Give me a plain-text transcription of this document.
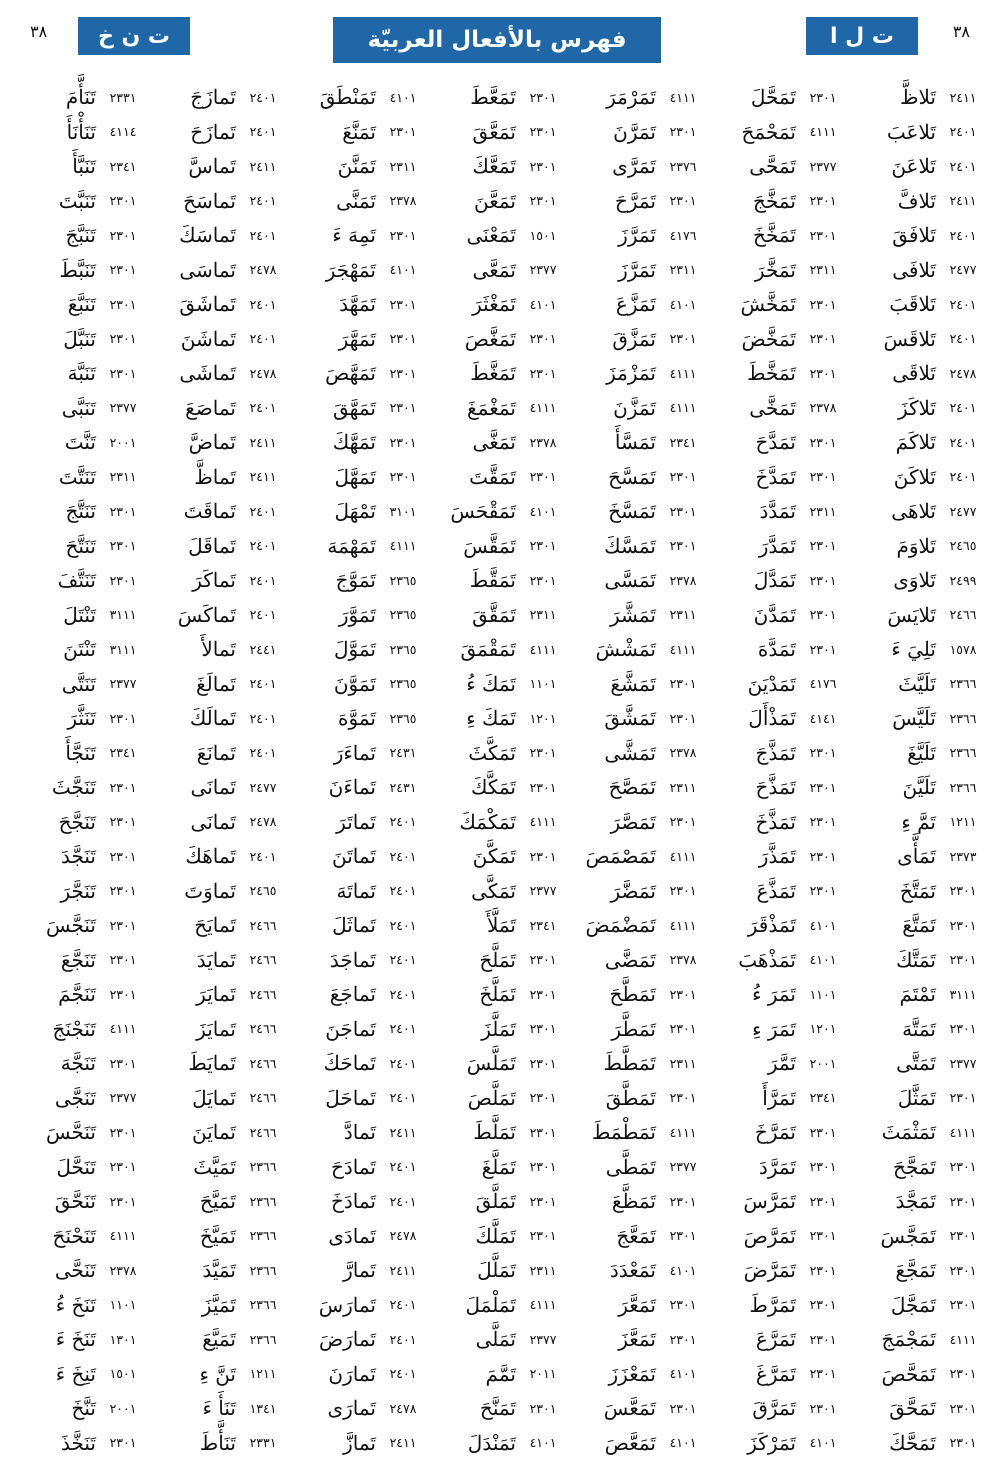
٣٨
ت ل ا
فهرس بالأفعال العربيّة
ت ن خ
٣٨
٢٤١١
تَلاظَّ
٢٣٠١
تَمَحَّلَ
٤١١١
تَمَرْمَرَ
٢٣٠١
تَمَعَّطَ
٤١٠١
تَمَنْطَقَ
٢٤٠١
تَمازَجَ
٢٣٣١
تَنَأَّمَ
٢٤٠١
تَلاعَبَ
٤١١١
تَمَحْمَحَ
٢٣٠١
تَمَرَّنَ
٢٣٠١
تَمَعَّقَ
٢٣٠١
تَمَنَّعَ
٢٤٠١
تَمازَحَ
٤١١٤
تَنَأْنَأَ
٢٤٠١
تَلاعَنَ
٢٣٧٧
تَمَحَّى
٢٣٧٦
تَمَرَّى
٢٣٠١
تَمَعَّكَ
٢٣١١
تَمَنَّنَ
٢٤١١
تَماسَّ
٢٣٤١
تَنَبَّأَ
٢٤١١
تَلافَّ
٢٣٠١
تَمَخَّجَ
٢٣٠١
تَمَرَّحَ
٢٣٠١
تَمَعَّنَ
٢٣٧٨
تَمَنَّى
٢٤٠١
تَماسَحَ
٢٣٠١
تَنَبَّتَ
٢٤٠١
تَلافَقَ
٢٣٠١
تَمَخَّخَ
٤١٧٦
تَمَرَّزَ
١٥٠١
تَمَعْنَى
٢٣٠١
تَمِهَ ءَ
٢٤٠١
تَماسَكَ
٢٣٠١
تَنَبَّجَ
٢٤٧٧
تَلافَى
٢٣١١
تَمَخَّرَ
٢٣١١
تَمَرَّزَ
٢٣٧٧
تَمَعَّى
٤١٠١
تَمَهْجَرَ
٢٤٧٨
تَماسَى
٢٣٠١
تَنَبَّطَ
٢٤٠١
تَلاقَبَ
٢٣٠١
تَمَخَّشَ
٤١٠١
تَمَزَّعَ
٤١٠١
تَمَغْثَرَ
٢٣٠١
تَمَهَّدَ
٢٤٠١
تَماشَقَ
٢٣٠١
تَنَبَّعَ
٢٤٠١
تَلاقَسَ
٢٣٠١
تَمَخَّضَ
٢٣٠١
تَمَزَّقَ
٢٣٠١
تَمَغَّصَ
٢٣٠١
تَمَهَّرَ
٢٤٠١
تَماشَنَ
٢٣٠١
تَنَبَّلَ
٢٤٧٨
تَلاقَى
٢٣٠١
تَمَخَّطَ
٤١١١
تَمَزْمَزَ
٢٣٠١
تَمَغَّطَ
٢٣٠١
تَمَهَّصَ
٢٤٧٨
تَماشَى
٢٣٠١
تَنَبَّهَ
٢٤٠١
تَلاكَزَ
٢٣٧٨
تَمَخَّى
٤١١١
تَمَزَّنَ
٤١١١
تَمَغْمَغَ
٢٣٠١
تَمَهَّقَ
٢٤٠١
تَماصَعَ
٢٣٧٧
تَنَبَّى
٢٤٠١
تَلاكَمَ
٢٣٠١
تَمَدَّحَ
٢٣٤١
تَمَسَّأَ
٢٣٧٨
تَمَغَّى
٢٣٠١
تَمَهَّكَ
٢٤١١
تَماضَّ
٢٠٠١
تَنَّتَ
٢٤٠١
تَلاكَنَ
٢٣٠١
تَمَدَّخَ
٢٣٠١
تَمَسَّحَ
٢٣٠١
تَمَقَّتَ
٢٣٠١
تَمَهَّلَ
٢٤١١
تَماظَّ
٢٣١١
تَنَتَّتَ
٢٤٧٧
تَلاهَى
٢٣١١
تَمَدَّدَ
٢٣٠١
تَمَسَّخَ
٤١٠١
تَمَقْحَسَ
٣١٠١
تَمْهَلَ
٢٤٠١
تَماقَتَ
٢٣٠١
تَنَتَّجَ
٢٤٦٥
تَلاوَمَ
٢٣٠١
تَمَدَّرَ
٢٣٠١
تَمَسَّكَ
٢٣٠١
تَمَقَّسَ
٤١١١
تَمَهْمَهَ
٢٤٠١
تَماقَلَ
٢٣٠١
تَنَتَّحَ
٢٤٩٩
تَلاوَى
٢٣٠١
تَمَدَّلَ
٢٣٧٨
تَمَسَّى
٢٣٠١
تَمَقَّطَ
٢٣٦٥
تَمَوَّجَ
٢٤٠١
تَماكَرَ
٢٣٠١
تَنَتَّفَ
٢٤٦٦
تَلايَسَ
٢٣٠١
تَمَدَّنَ
٢٣١١
تَمَشَّرَ
٢٣١١
تَمَقَّقَ
٢٣٦٥
تَمَوَّرَ
٢٤٠١
تَماكَسَ
٣١١١
تَنْتَلَ
١٥٧٨
تَلِيَ ءَ
٢٣٠١
تَمَدَّهَ
٤١١١
تَمَشْشَ
٤١١١
تَمَقْمَقَ
٢٣٦٥
تَمَوَّلَ
٢٤٤١
تَمالأَ
٣١١١
تَنْتَنَ
٢٣٦٦
تَلَيَّثَ
٤١٧٦
تَمَدْيَنَ
٢٣٠١
تَمَشَّعَ
١١٠١
تَمَكَ ءُ
٢٣٦٥
تَمَوَّنَ
٢٤٠١
تَمالَغَ
٢٣٧٧
تَنَتَّى
٢٣٦٦
تَلَيَّسَ
٤١٤١
تَمَذْأَلَ
٢٣٠١
تَمَشَّقَ
١٢٠١
تَمَكَ ءِ
٢٣٦٥
تَمَوَّهَ
٢٤٠١
تَمالَكَ
٢٣٠١
تَنَثَّرَ
٢٣٦٦
تَلَيَّغَ
٢٣٠١
تَمَذَّجَ
٢٣٧٨
تَمَشَّى
٢٣٠١
تَمَكَّثَ
٢٤٣١
تَماءَرَ
٢٤٠١
تَمانَعَ
٢٣٤١
تَنَجَّأَ
٢٣٦٦
تَلَيَّنَ
٢٣٠١
تَمَذَّحَ
٢٣١١
تَمَصَّحَ
٢٣٠١
تَمَكَّكَ
٢٤٣١
تَماءَنَ
٢٤٧٧
تَمانَى
٢٣٠١
تَنَجَّثَ
١٢١١
تَمَّ ءِ
٢٣٠١
تَمَذَّخَ
٢٣٠١
تَمَصَّرَ
٤١١١
تَمَكْمَكَ
٢٤٠١
تَماتَرَ
٢٤٧٨
تَمانَى
٢٣٠١
تَنَجَّحَ
٢٣٧٣
تَمَأَّى
٢٣٠١
تَمَذَّرَ
٤١١١
تَمَصْمَصَ
٢٣٠١
تَمَكَّنَ
٢٤٠١
تَماتَنَ
٢٤٠١
تَماهَكَ
٢٣٠١
تَنَجَّدَ
٢٣٠١
تَمَتَّخَ
٢٣٠١
تَمَذَّعَ
٢٣٠١
تَمَضَّرَ
٢٣٧٧
تَمَكَّى
٢٤٠١
تَماتَهَ
٢٤٦٥
تَماوَتَ
٢٣٠١
تَنَجَّرَ
٢٣٠١
تَمَتَّعَ
٤١٠١
تَمَذْقَرَ
٤١١١
تَمَضْمَضَ
٢٣٤١
تَمَلَّأَ
٢٤٠١
تَماثَلَ
٢٤٦٦
تَمايَحَ
٢٣٠١
تَنَجَّسَ
٢٣٠١
تَمَتَّكَ
٤١٠١
تَمَذْهَبَ
٢٣٧٨
تَمَضَّى
٢٣٠١
تَمَلَّحَ
٢٤٠١
تَماجَدَ
٢٤٦٦
تَمايَدَ
٢٣٠١
تَنَجَّعَ
٣١١١
تَمْتَمَ
١١٠١
تَمَرَ ءُ
٢٣٠١
تَمَطَّحَ
٢٣٠١
تَمَلَّخَ
٢٤٠١
تَماجَعَ
٢٤٦٦
تَمايَرَ
٢٣٠١
تَنَجَّمَ
٢٣٠١
تَمَتَّهَ
١٢٠١
تَمَرَ ءِ
٢٣٠١
تَمَطَّرَ
٢٣٠١
تَمَلَّزَ
٢٤٠١
تَماجَنَ
٢٤٦٦
تَمايَزَ
٤١١١
تَنَجْنَجَ
٢٣٧٧
تَمَتَّى
٢٠٠١
تَمَّرَ
٢٣١١
تَمَطَّطَ
٢٣٠١
تَمَلَّسَ
٢٤٠١
تَماحَكَ
٢٤٦٦
تَمايَطَ
٢٣٠١
تَنَجَّهَ
٢٣٠١
تَمَثَّلَ
٢٣٤١
تَمَرَّأَ
٢٣٠١
تَمَطَّقَ
٢٣٠١
تَمَلَّصَ
٢٤٠١
تَماحَلَ
٢٤٦٦
تَمايَلَ
٢٣٧٧
تَنَجَّى
٤١١١
تَمَثْمَثَ
٢٣٠١
تَمَرَّخَ
٤١١١
تَمَطْمَطَ
٢٣٠١
تَمَلَّطَ
٢٤١١
تَمادَّ
٢٤٦٦
تَمايَنَ
٢٣٠١
تَنَحَّسَ
٢٣٠١
تَمَجَّحَ
٢٣٠١
تَمَرَّدَ
٢٣٧٧
تَمَطَّى
٢٣٠١
تَمَلَّغَ
٢٤٠١
تَمادَحَ
٢٣٦٦
تَمَيَّثَ
٢٣٠١
تَنَحَّلَ
٢٣٠١
تَمَجَّدَ
٢٣٠١
تَمَرَّسَ
٢٣٠١
تَمَظَّعَ
٢٣٠١
تَمَلَّقَ
٢٤٠١
تَمادَخَ
٢٣٦٦
تَمَيَّحَ
٢٣٠١
تَنَحَّقَ
٢٣٠١
تَمَجَّسَ
٢٣٠١
تَمَرَّصَ
٢٣٠١
تَمَعَّجَ
٢٣٠١
تَمَلَّكَ
٢٤٧٨
تَمادَى
٢٣٦٦
تَمَيَّخَ
٤١١١
تَنَحْنَحَ
٢٣٠١
تَمَجَّعَ
٢٣٠١
تَمَرَّضَ
٤١٠١
تَمَعْدَدَ
٢٣١١
تَمَلَّلَ
٢٤١١
تَمارَّ
٢٣٦٦
تَمَيَّدَ
٢٣٧٨
تَنَحَّى
٢٣٠١
تَمَجَّلَ
٢٣٠١
تَمَرَّطَ
٢٣٠١
تَمَعَّرَ
٤١١١
تَمَلْمَلَ
٢٤٠١
تَمارَسَ
٢٣٦٦
تَمَيَّزَ
١١٠١
تَنَخَ ءُ
٤١١١
تَمَجْمَجَ
٢٣٠١
تَمَرَّعَ
٢٣٠١
تَمَعَّزَ
٢٣٧٧
تَمَلَّى
٢٤٠١
تَمارَضَ
٢٣٦٦
تَمَيَّعَ
١٣٠١
تَنَخَ ءَ
٢٣٠١
تَمَحَّصَ
٢٣٠١
تَمَرَّغَ
٤١٠١
تَمَعْزَزَ
٢٠١١
تَمَّمَ
٢٤٠١
تَمارَنَ
١٢١١
تَنَّ ءِ
١٥٠١
تَنِخَ ءَ
٢٣٠١
تَمَحَّقَ
٢٣٠١
تَمَرَّقَ
٢٣٠١
تَمَعَّسَ
٢٣٠١
تَمَنَّحَ
٢٤٧٨
تَمارَى
١٣٤١
تَنَأَ ءَ
٢٠٠١
تَنَّخَ
٢٣٠١
تَمَحَّكَ
٤١٠١
تَمَرْكَزَ
٤١٠١
تَمَعَّصَ
٤١٠١
تَمَنْدَلَ
٢٤١١
تَمازَّ
٢٣٣١
تَنَأَّطَ
٢٣٠١
تَنَخَّذَ
